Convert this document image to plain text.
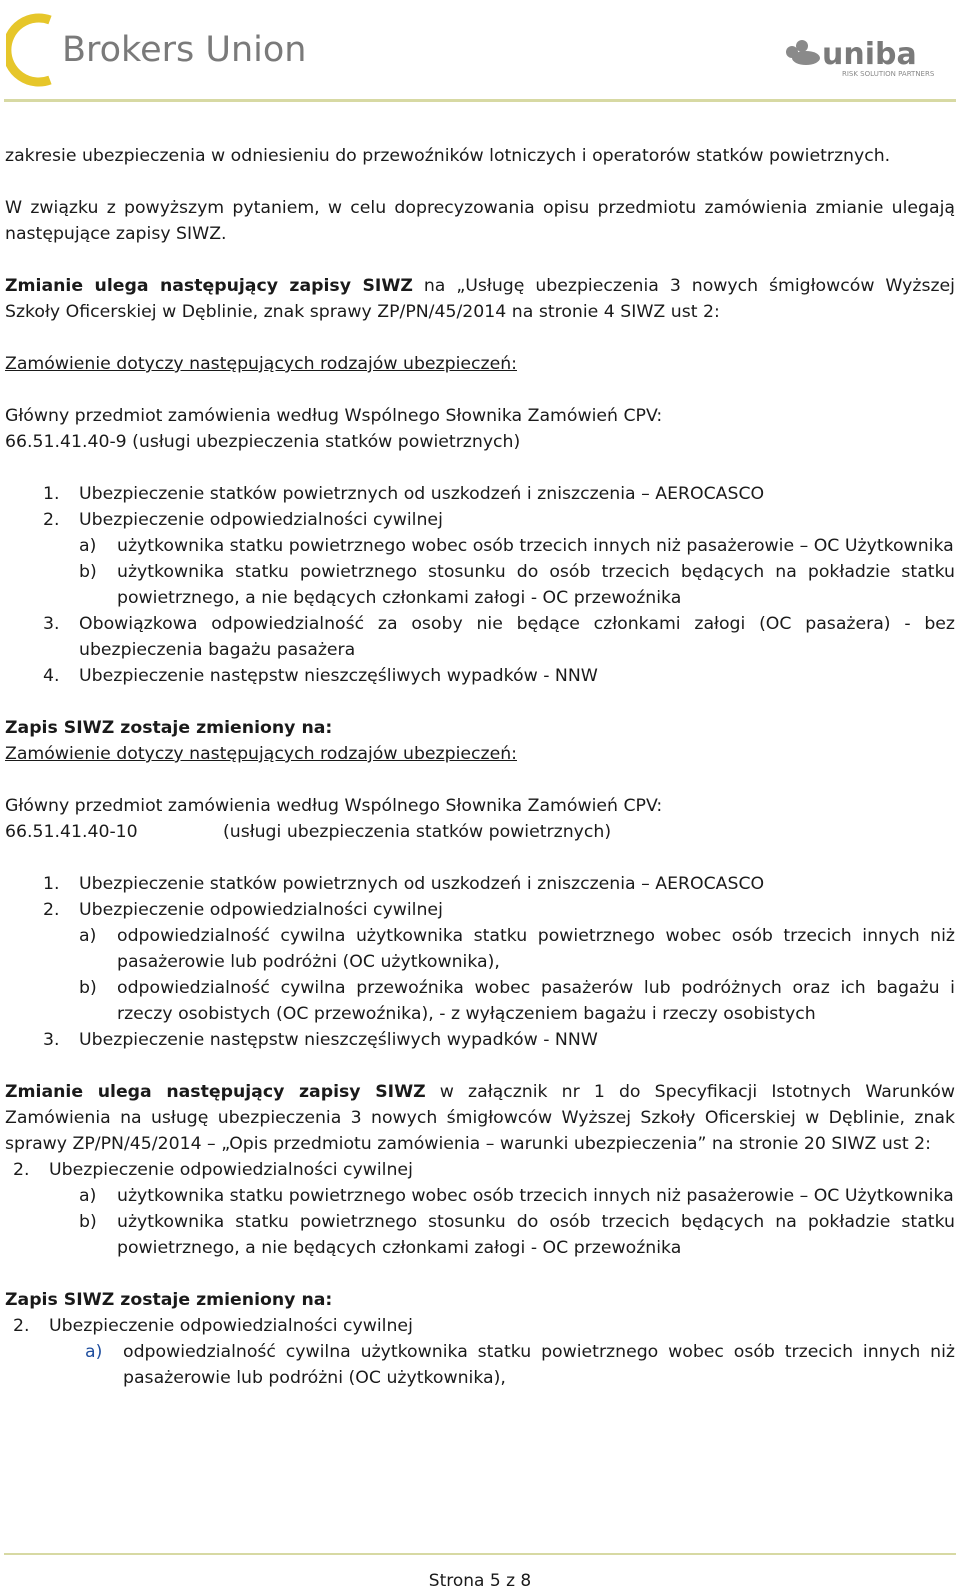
Brokers Union	uniba
RISK SOLUTION PARTNERS

zakresie ubezpieczenia w odniesieniu do przewoźników lotniczych i operatorów statków powietrznych.

W związku z powyższym pytaniem, w celu doprecyzowania opisu przedmiotu zamówienia zmianie ulegają następujące zapisy SIWZ.

Zmianie ulega następujący zapisy SIWZ na „Usługę ubezpieczenia 3 nowych śmigłowców Wyższej Szkoły Oficerskiej w Dęblinie, znak sprawy ZP/PN/45/2014 na stronie 4 SIWZ ust 2:

Zamówienie dotyczy następujących rodzajów ubezpieczeń:

Główny przedmiot zamówienia według Wspólnego Słownika Zamówień CPV:

66.51.41.40-9 (usługi ubezpieczenia statków powietrznych)

1. Ubezpieczenie statków powietrznych od uszkodzeń i zniszczenia – AEROCASCO
2. Ubezpieczenie odpowiedzialności cywilnej
a) użytkownika statku powietrznego wobec osób trzecich innych niż pasażerowie – OC Użytkownika
b) użytkownika statku powietrznego stosunku do osób trzecich będących na pokładzie statku powietrznego, a nie będących członkami załogi - OC przewoźnika
3. Obowiązkowa odpowiedzialność za osoby nie będące członkami załogi (OC pasażera) - bez ubezpieczenia bagażu pasażera
4. Ubezpieczenie następstw nieszczęśliwych wypadków - NNW

Zapis SIWZ zostaje zmieniony na:

Zamówienie dotyczy następujących rodzajów ubezpieczeń:

Główny przedmiot zamówienia według Wspólnego Słownika Zamówień CPV:

66.51.41.40-10	(usługi ubezpieczenia statków powietrznych)
1. Ubezpieczenie statków powietrznych od uszkodzeń i zniszczenia – AEROCASCO
2. Ubezpieczenie odpowiedzialności cywilnej
a) odpowiedzialność cywilna użytkownika statku powietrznego wobec osób trzecich innych niż pasażerowie lub podróżni (OC użytkownika),
b) odpowiedzialność cywilna przewoźnika wobec pasażerów lub podróżnych oraz ich bagażu i rzeczy osobistych (OC przewoźnika), - z wyłączeniem bagażu i rzeczy osobistych
3. Ubezpieczenie następstw nieszczęśliwych wypadków - NNW

Zmianie ulega następujący zapisy SIWZ w załącznik nr 1 do Specyfikacji Istotnych Warunków Zamówienia na usługę ubezpieczenia 3 nowych śmigłowców Wyższej Szkoły Oficerskiej w Dęblinie, znak sprawy ZP/PN/45/2014 – „Opis przedmiotu zamówienia – warunki ubezpieczenia” na stronie 20 SIWZ ust 2:

2. Ubezpieczenie odpowiedzialności cywilnej
a) użytkownika statku powietrznego wobec osób trzecich innych niż pasażerowie – OC Użytkownika
b) użytkownika statku powietrznego stosunku do osób trzecich będących na pokładzie statku powietrznego, a nie będących członkami załogi - OC przewoźnika

Zapis SIWZ zostaje zmieniony na:

2. Ubezpieczenie odpowiedzialności cywilnej
a) odpowiedzialność cywilna użytkownika statku powietrznego wobec osób trzecich innych niż pasażerowie lub podróżni (OC użytkownika),
Strona 5 z 8
